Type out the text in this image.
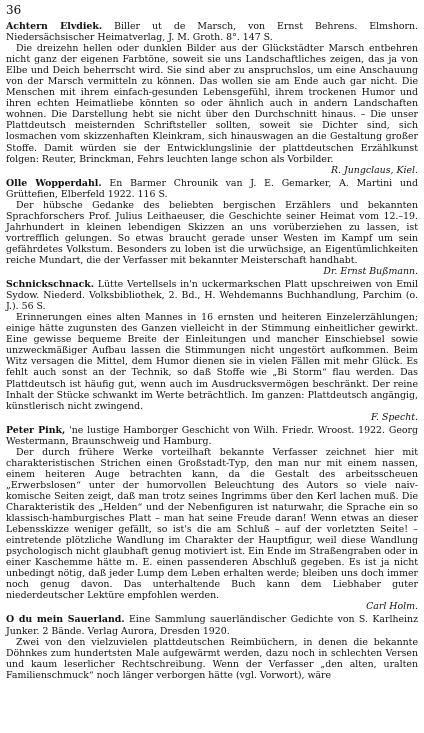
36

Achtern Elvdiek. Biller ut de Marsch, von Ernst Behrens. Elmshorn. Niedersächsischer Heimatverlag, J. M. Groth. 8°. 147 S.

Die dreizehn hellen oder dunklen Bilder aus der Glückstädter Marsch entbehren nicht ganz der eigenen Farbtöne, soweit sie uns Landschaftliches zeigen, das ja von Elbe und Deich beherrscht wird. Sie sind aber zu anspruchslos, um eine Anschauung von der Marsch vermitteln zu können. Das wollen sie am Ende auch gar nicht. Die Menschen mit ihrem einfach-gesunden Lebensgefühl, ihrem trockenen Humor und ihren echten Heimatliebe könnten so oder ähnlich auch in andern Landschaften wohnen. Die Darstellung hebt sie nicht über den Durchschnitt hinaus. – Die unser Plattdeutsch meisternden Schriftsteller sollten, soweit sie Dichter sind, sich losmachen vom skizzenhaften Kleinkram, sich hinauswagen an die Gestaltung großer Stoffe. Damit würden sie der Entwicklungslinie der plattdeutschen Erzählkunst folgen: Reuter, Brinckman, Fehrs leuchten lange schon als Vorbilder.

R. Jungclaus, Kiel.

Olle Wopperdahl. En Barmer Chrounik van J. E. Gemarker, A. Martini und Grüttefien, Elberfeld 1922. 116 S.

Der hübsche Gedanke des beliebten bergischen Erzählers und bekannten Sprachforschers Prof. Julius Leithaeuser, die Geschichte seiner Heimat vom 12.–19. Jahrhundert in kleinen lebendigen Skizzen an uns vorüberziehen zu lassen, ist vortrefflich gelungen. So etwas braucht gerade unser Westen im Kampf um sein gefährdetes Volkstum. Besonders zu loben ist die urwüchsige, an Eigentümlichkeiten reiche Mundart, die der Verfasser mit bekannter Meisterschaft handhabt.

Dr. Ernst Bußmann.

Schnickschnack. Lütte Vertellsels in'n uckermarkschen Platt upschreiwen von Emil Sydow. Niederd. Volksbibliothek, 2. Bd., H. Wehdemanns Buchhandlung, Parchim (o. J.). 56 S.

Erinnerungen eines alten Mannes in 16 ernsten und heiteren Einzelerzählungen; einige hätte zugunsten des Ganzen vielleicht in der Stimmung einheitlicher gewirkt. Eine gewisse bequeme Breite der Einleitungen und mancher Einschiebsel sowie unzweckmäßiger Aufbau lassen die Stimmungen nicht ungestört aufkommen. Beim Witz versagen die Mittel, dem Humor dienen sie in vielen Fällen mit mehr Glück. Es fehlt auch sonst an der Technik, so daß Stoffe wie „Bi Storm“ flau werden. Das Plattdeutsch ist häufig gut, wenn auch im Ausdrucksvermögen beschränkt. Der reine Inhalt der Stücke schwankt im Werte beträchtlich. Im ganzen: Plattdeutsch angängig, künstlerisch nicht zwingend.

F. Specht.

Peter Pink, 'ne lustige Hamborger Geschicht von Wilh. Friedr. Wroost. 1922. Georg Westermann, Braunschweig und Hamburg.

Der durch frühere Werke vorteilhaft bekannte Verfasser zeichnet hier mit charakteristischen Strichen einen Großstadt-Typ, den man nur mit einem nassen, einem heiteren Auge betrachten kann, da die Gestalt des arbeitsscheuen „Erwerbslosen“ unter der humorvollen Beleuchtung des Autors so viele naiv-komische Seiten zeigt, daß man trotz seines Ingrimms über den Kerl lachen muß. Die Charakteristik des „Helden“ und der Nebenfiguren ist naturwahr, die Sprache ein so klassisch-hamburgisches Platt – man hat seine Freude daran! Wenn etwas an dieser Lebensskizze weniger gefällt, so ist's die am Schluß – auf der vorletzten Seite! – eintretende plötzliche Wandlung im Charakter der Hauptfigur, weil diese Wandlung psychologisch nicht glaubhaft genug motiviert ist. Ein Ende im Straßengraben oder in einer Kaschemme hätte m. E. einen passenderen Abschluß gegeben. Es ist ja nicht unbedingt nötig, daß jeder Lump dem Leben erhalten werde; bleiben uns doch immer noch genug davon. Das unterhaltende Buch kann dem Liebhaber guter niederdeutscher Lektüre empfohlen werden.

Carl Holm.

O du mein Sauerland. Eine Sammlung sauerländischer Gedichte von S. Karlheinz Junker. 2 Bände. Verlag Aurora, Dresden 1920.

Zwei von den vielzuvielen plattdeutschen Reimbüchern, in denen die bekannte Döhnkes zum hundertsten Male aufgewärmt werden, dazu noch in schlechten Versen und kaum leserlicher Rechtschreibung. Wenn der Verfasser „den alten, uralten Familienschmuck“ noch länger verborgen hätte (vgl. Vorwort), wäre
